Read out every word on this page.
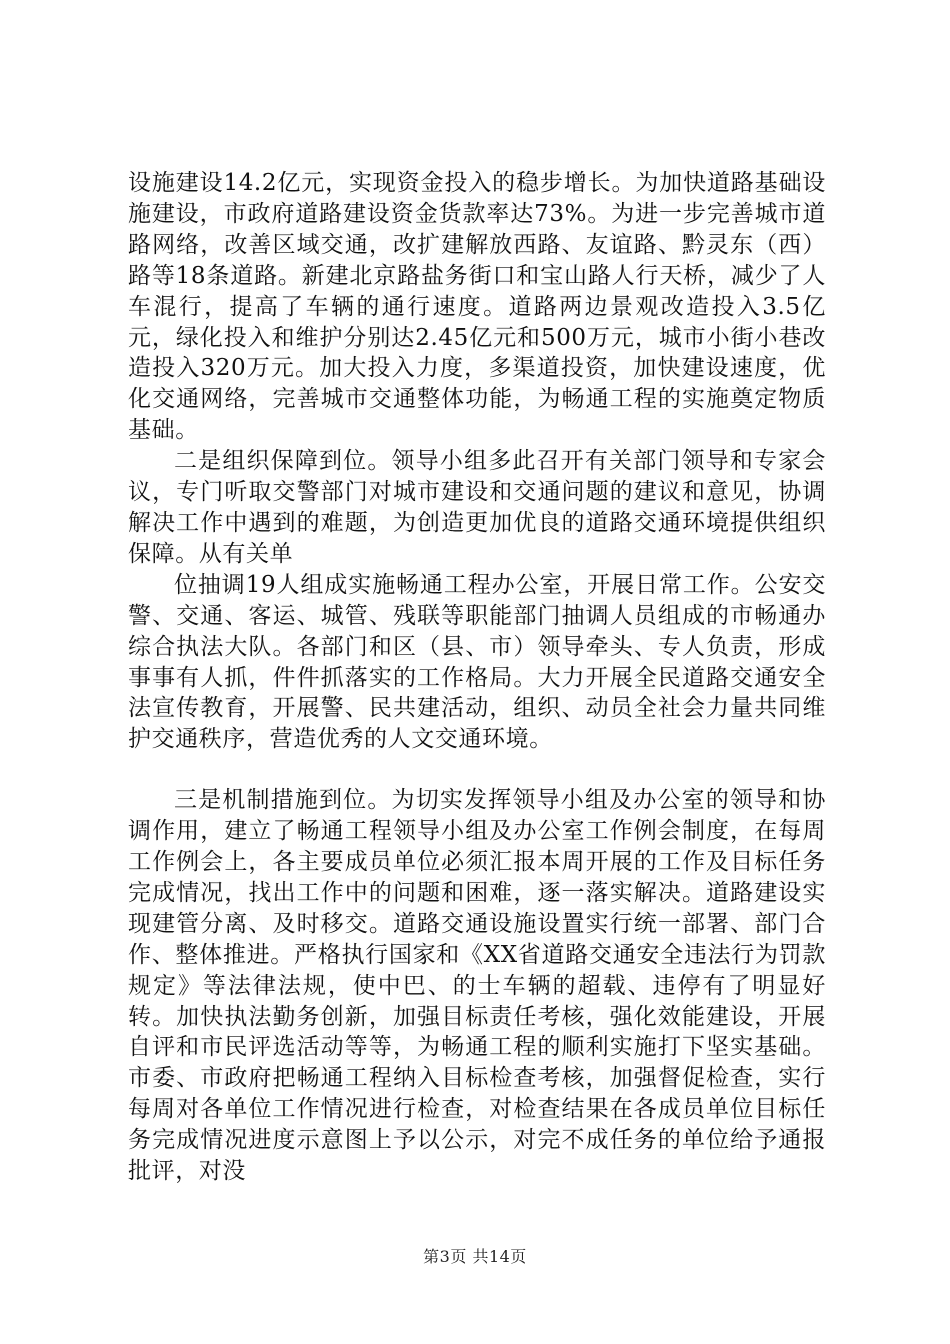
设施建设14.2亿元，实现资金投入的稳步增长。为加快道路基础设施建设，市政府道路建设资金货款率达73%。为进一步完善城市道路网络，改善区域交通，改扩建解放西路、友谊路、黔灵东（西）路等18条道路。新建北京路盐务街口和宝山路人行天桥，减少了人车混行，提高了车辆的通行速度。道路两边景观改造投入3.5亿元，绿化投入和维护分别达2.45亿元和500万元，城市小街小巷改造投入320万元。加大投入力度，多渠道投资，加快建设速度，优化交通网络，完善城市交通整体功能，为畅通工程的实施奠定物质基础。

二是组织保障到位。领导小组多此召开有关部门领导和专家会议，专门听取交警部门对城市建设和交通问题的建议和意见，协调解决工作中遇到的难题，为创造更加优良的道路交通环境提供组织保障。从有关单

位抽调19人组成实施畅通工程办公室，开展日常工作。公安交警、交通、客运、城管、残联等职能部门抽调人员组成的市畅通办综合执法大队。各部门和区（县、市）领导牵头、专人负责，形成事事有人抓，件件抓落实的工作格局。大力开展全民道路交通安全法宣传教育，开展警、民共建活动，组织、动员全社会力量共同维护交通秩序，营造优秀的人文交通环境。

三是机制措施到位。为切实发挥领导小组及办公室的领导和协调作用，建立了畅通工程领导小组及办公室工作例会制度，在每周工作例会上，各主要成员单位必须汇报本周开展的工作及目标任务完成情况，找出工作中的问题和困难，逐一落实解决。道路建设实现建管分离、及时移交。道路交通设施设置实行统一部署、部门合作、整体推进。严格执行国家和《XX省道路交通安全违法行为罚款规定》等法律法规，使中巴、的士车辆的超载、违停有了明显好转。加快执法勤务创新，加强目标责任考核，强化效能建设，开展自评和市民评选活动等等，为畅通工程的顺利实施打下坚实基础。市委、市政府把畅通工程纳入目标检查考核，加强督促检查，实行每周对各单位工作情况进行检查，对检查结果在各成员单位目标任务完成情况进度示意图上予以公示，对完不成任务的单位给予通报批评，对没

第3页 共14页
